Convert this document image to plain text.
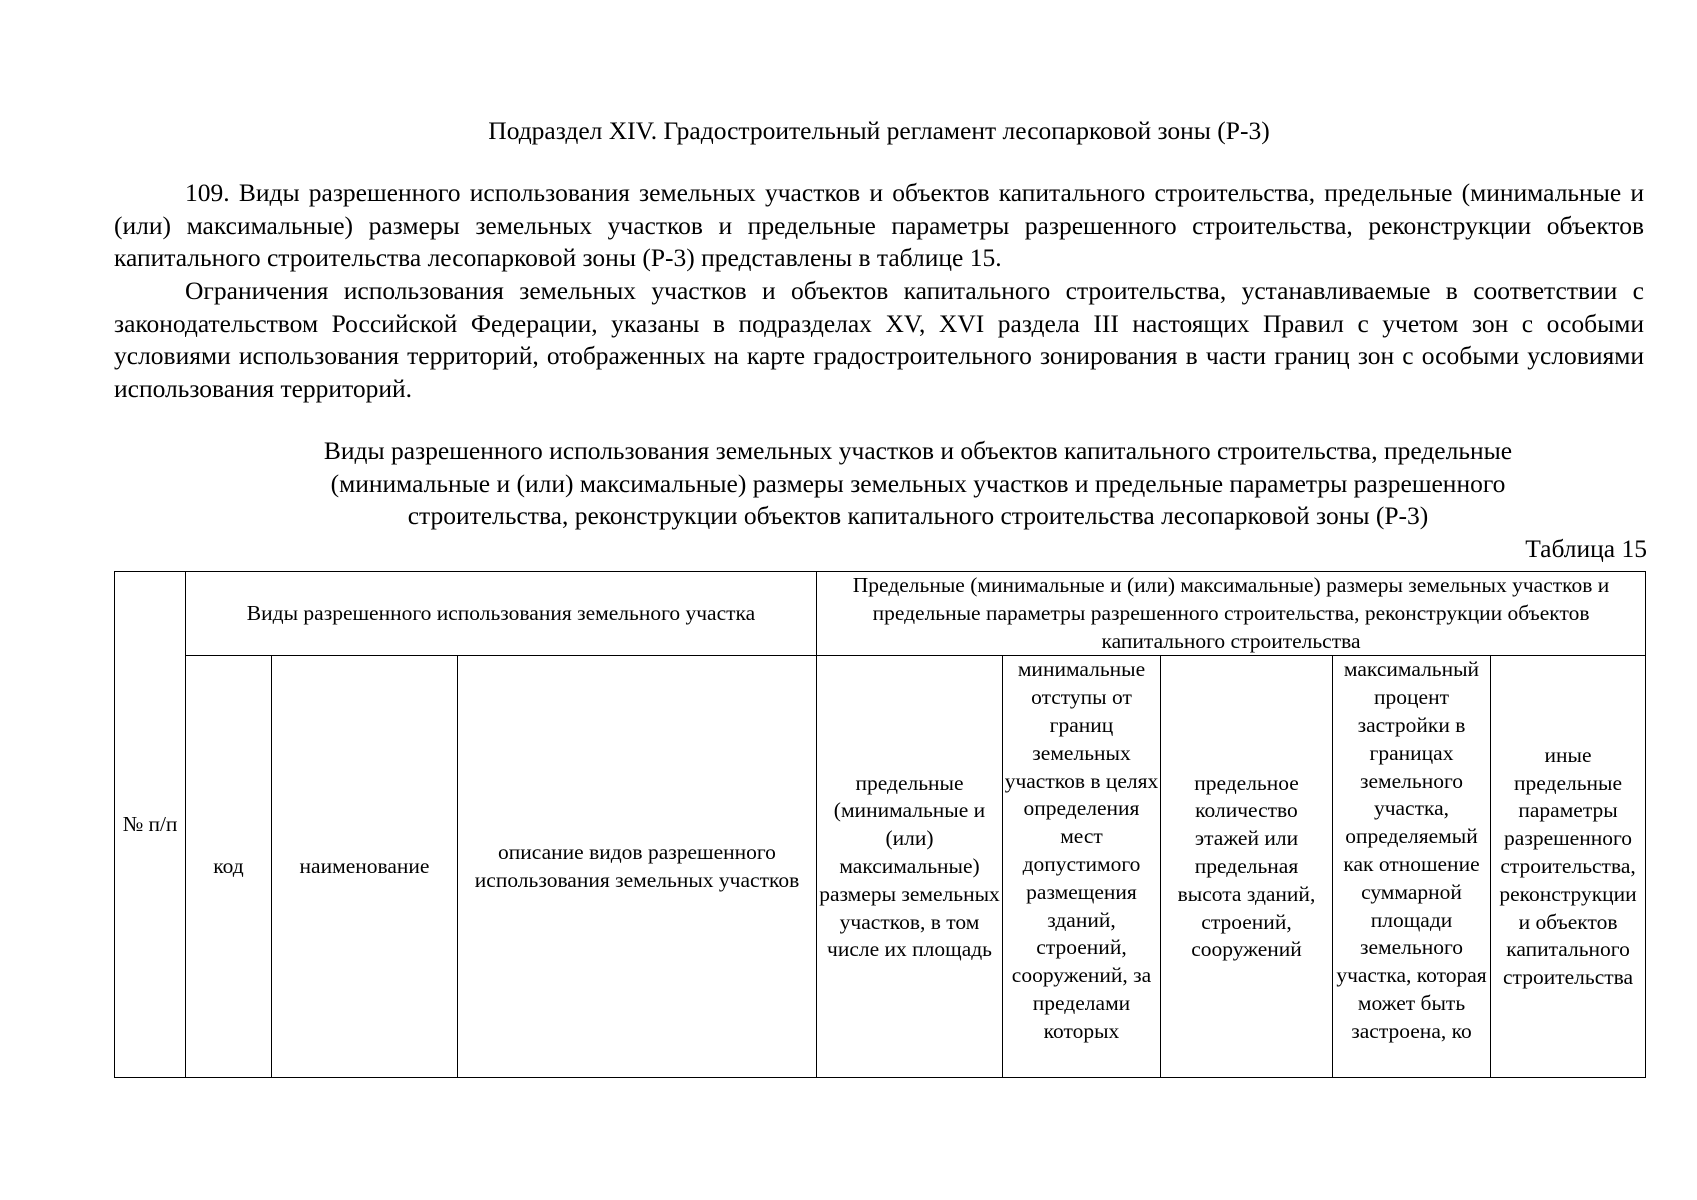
Подраздел XIV. Градостроительный регламент лесопарковой зоны (Р-3)

109. Виды разрешенного использования земельных участков и объектов капитального строительства, предельные (минимальные и (или) максимальные) размеры земельных участков и предельные параметры разрешенного строительства, реконструкции объектов капитального строительства лесопарковой зоны (Р-3) представлены в таблице 15.

Ограничения использования земельных участков и объектов капитального строительства, устанавливаемые в соответствии с законодательством Российской Федерации, указаны в подразделах XV, XVI раздела III настоящих Правил с учетом зон с особыми условиями использования территорий, отображенных на карте градостроительного зонирования в части границ зон с особыми условиями использования территорий.

Виды разрешенного использования земельных участков и объектов капитального строительства, предельные
(минимальные и (или) максимальные) размеры земельных участков и предельные параметры разрешенного
строительства, реконструкции объектов капитального строительства лесопарковой зоны (Р-3)
Таблица 15
№ п/п	Виды разрешенного использования земельного участка			Предельные (минимальные и (или) максимальные) размеры земельных участков и предельные параметры разрешенного строительства, реконструкции объектов капитального строительства				
	код	наименование	описание видов разрешенного использования земельных участков	предельные (минимальные и (или) максимальные) размеры земельных участков, в том числе их площадь	минимальные отступы от границ земельных участков в целях определения мест допустимого размещения зданий, строений, сооружений, за пределами которых	предельное количество этажей или предельная высота зданий, строений, сооружений	максимальный процент застройки в границах земельного участка, определяемый как отношение суммарной площади земельного участка, которая может быть застроена, ко	иные предельные параметры разрешенного строительства, реконструкции и объектов капитального строительства
